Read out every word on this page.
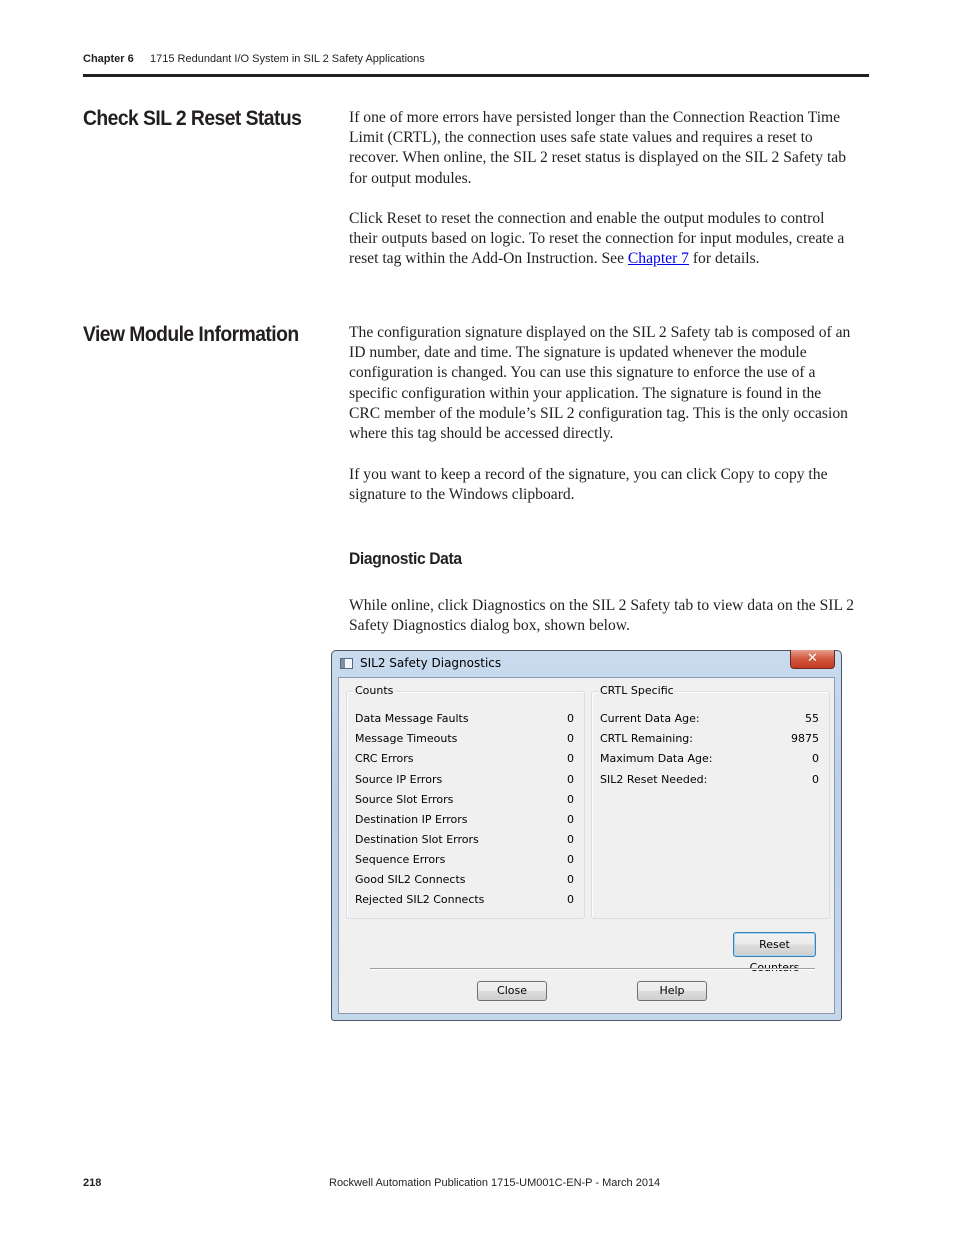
Chapter 6 1715 Redundant I/O System in SIL 2 Safety Applications
Check SIL 2 Reset Status	If one of more errors have persisted longer than the Connection Reaction Time
Limit (CRTL), the connection uses safe state values and requires a reset to
recover. When online, the SIL 2 reset status is displayed on the SIL 2 Safety tab
for output modules.

Click Reset to reset the connection and enable the output modules to control
their outputs based on logic. To reset the connection for input modules, create a
reset tag within the Add-On Instruction. See Chapter 7 for details.

View Module Information	The configuration signature displayed on the SIL 2 Safety tab is composed of an
ID number, date and time. The signature is updated whenever the module
configuration is changed. You can use this signature to enforce the use of a
specific configuration within your application. The signature is found in the
CRC member of the module’s SIL 2 configuration tag. This is the only occasion
where this tag should be accessed directly.

If you want to keep a record of the signature, you can click Copy to copy the
signature to the Windows clipboard.

Diagnostic Data

While online, click Diagnostics on the SIL 2 Safety tab to view data on the SIL 2
Safety Diagnostics dialog box, shown below.

SIL2 Safety Diagnostics	✕
Counts
Data Message Faults	0
Message Timeouts	0
CRC Errors	0
Source IP Errors	0
Source Slot Errors	0
Destination IP Errors	0
Destination Slot Errors	0
Sequence Errors	0
Good SIL2 Connects	0
Rejected SIL2 Connects	0
CRTL Specific
Current Data Age:	55
CRTL Remaining:	9875
Maximum Data Age:	0
SIL2 Reset Needed:	0
Reset Counters
Close	Help
218	Rockwell Automation Publication 1715-UM001C-EN-P - March 2014
